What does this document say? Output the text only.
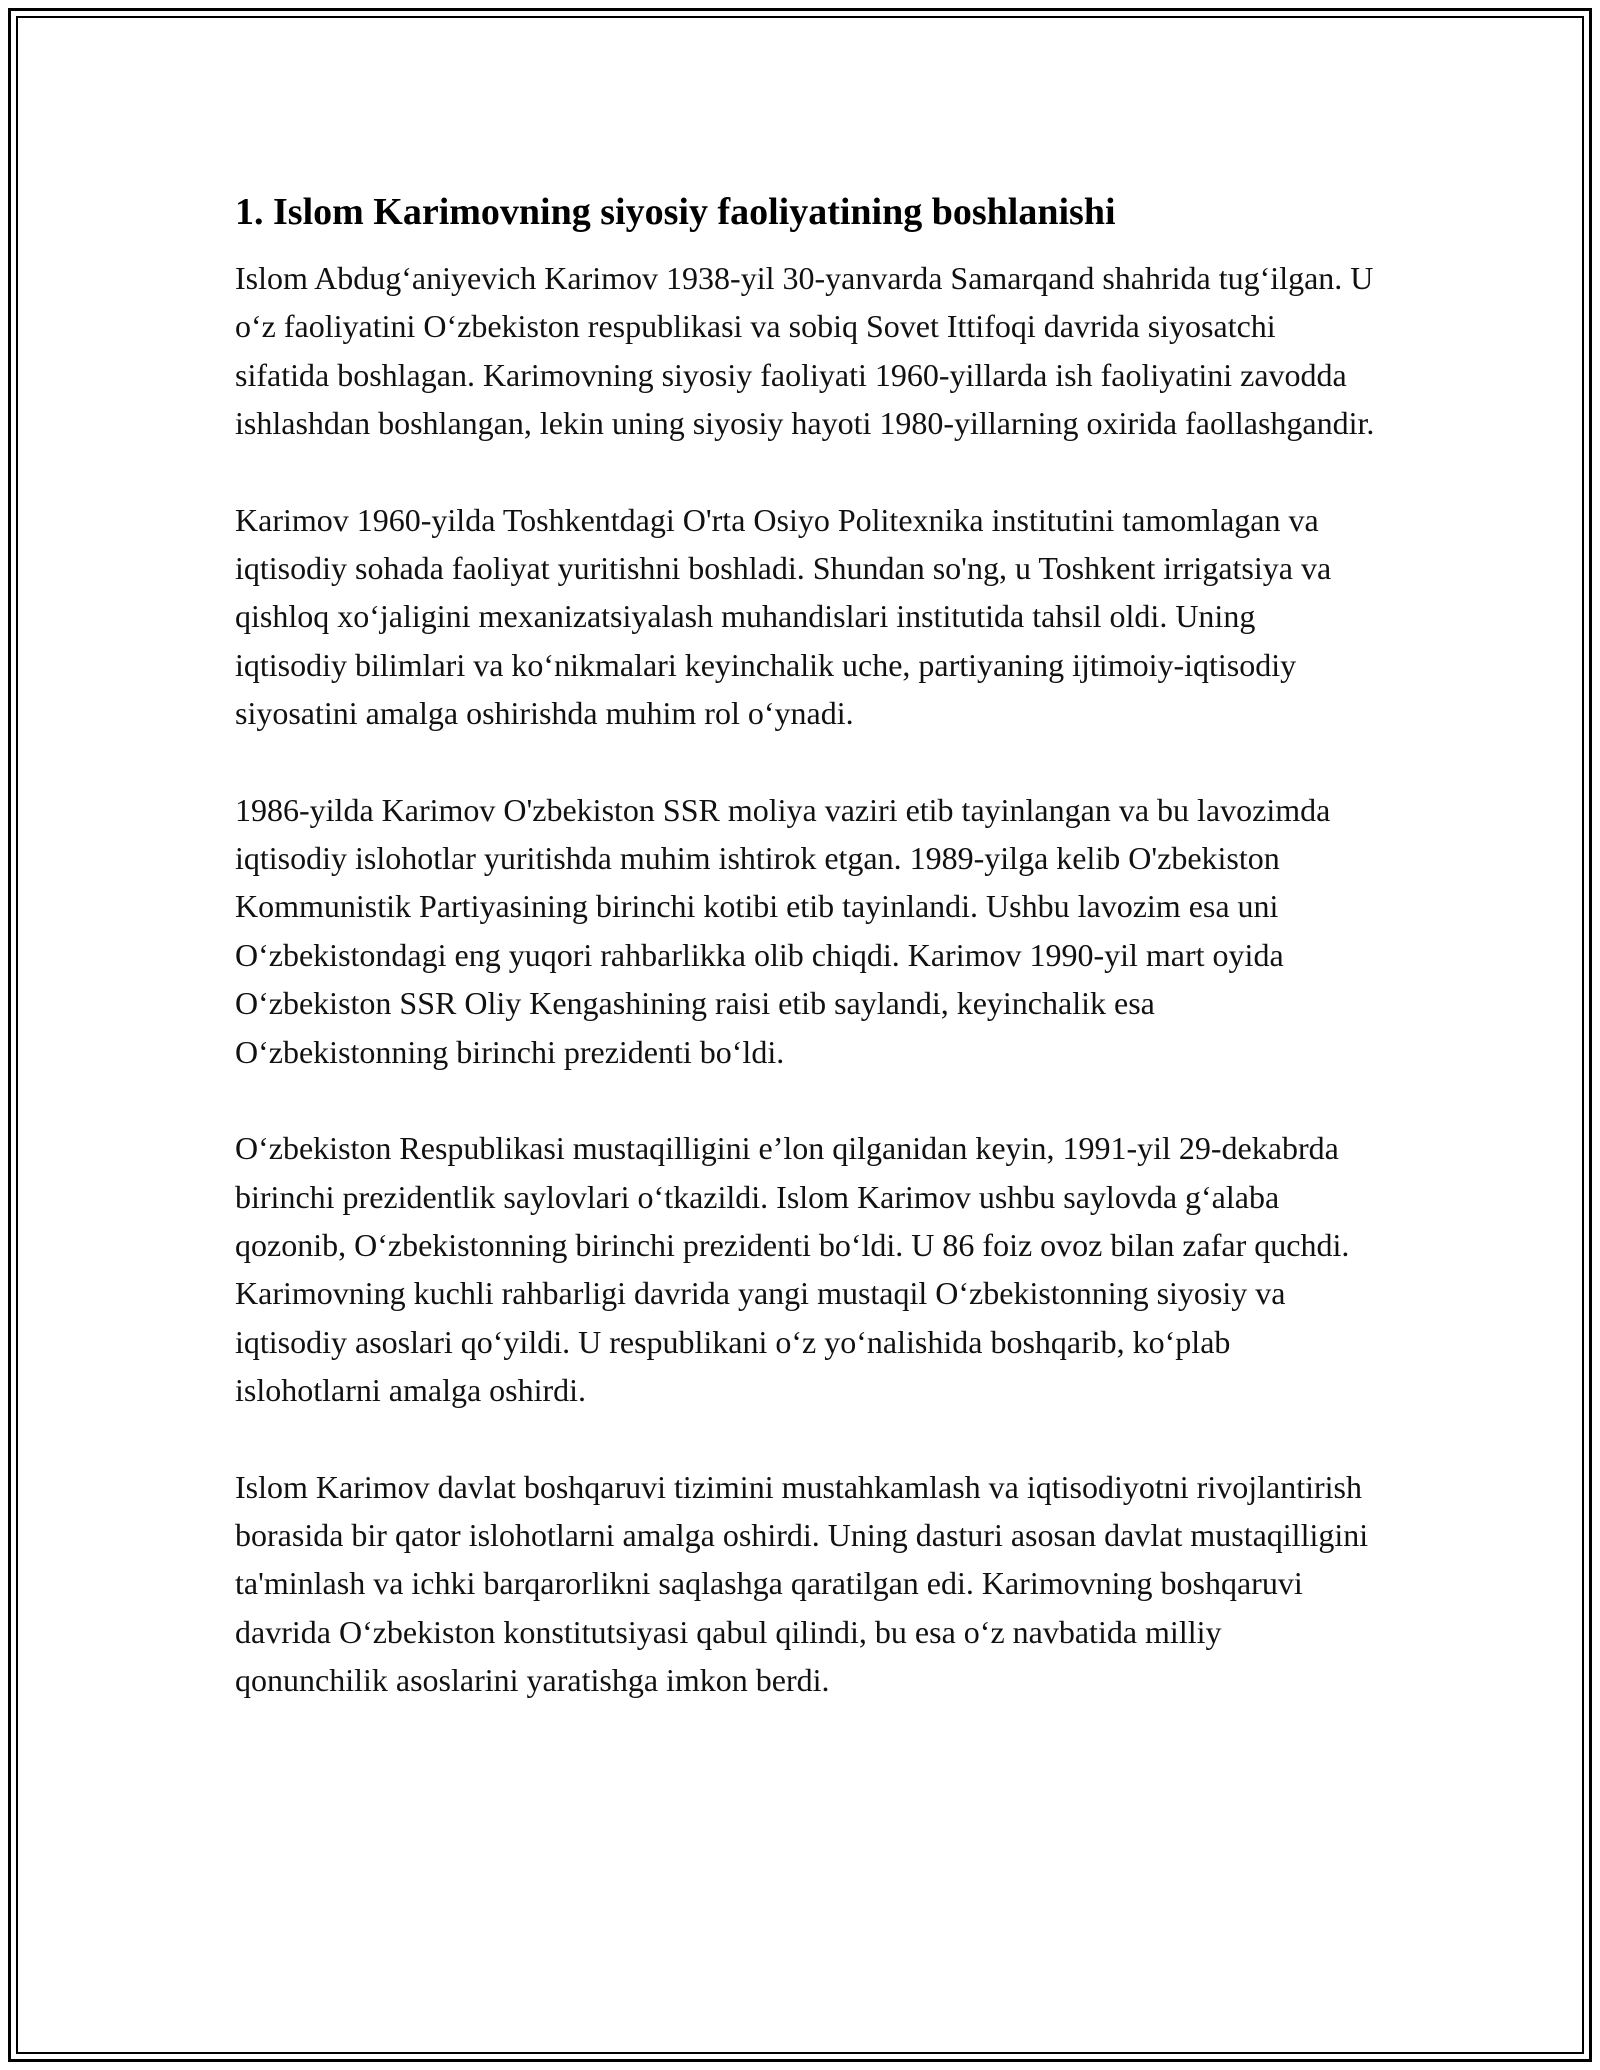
1. Islom Karimovning siyosiy faoliyatining boshlanishi

Islom Abdug‘aniyevich Karimov 1938-yil 30-yanvarda Samarqand shahrida tug‘ilgan. U o‘z faoliyatini O‘zbekiston respublikasi va sobiq Sovet Ittifoqi davrida siyosatchi sifatida boshlagan. Karimovning siyosiy faoliyati 1960-yillarda ish faoliyatini zavodda ishlashdan boshlangan, lekin uning siyosiy hayoti 1980-yillarning oxirida faollashgandir.

Karimov 1960-yilda Toshkentdagi O'rta Osiyo Politexnika institutini tamomlagan va iqtisodiy sohada faoliyat yuritishni boshladi. Shundan so'ng, u Toshkent irrigatsiya va qishloq xo‘jaligini mexanizatsiyalash muhandislari institutida tahsil oldi. Uning iqtisodiy bilimlari va ko‘nikmalari keyinchalik uche, partiyaning ijtimoiy-iqtisodiy siyosatini amalga oshirishda muhim rol o‘ynadi.

1986-yilda Karimov O'zbekiston SSR moliya vaziri etib tayinlangan va bu lavozimda iqtisodiy islohotlar yuritishda muhim ishtirok etgan. 1989-yilga kelib O'zbekiston Kommunistik Partiyasining birinchi kotibi etib tayinlandi. Ushbu lavozim esa uni O‘zbekistondagi eng yuqori rahbarlikka olib chiqdi. Karimov 1990-yil mart oyida O‘zbekiston SSR Oliy Kengashining raisi etib saylandi, keyinchalik esa O‘zbekistonning birinchi prezidenti bo‘ldi.

O‘zbekiston Respublikasi mustaqilligini e’lon qilganidan keyin, 1991-yil 29-dekabrda birinchi prezidentlik saylovlari o‘tkazildi. Islom Karimov ushbu saylovda g‘alaba qozonib, O‘zbekistonning birinchi prezidenti bo‘ldi. U 86 foiz ovoz bilan zafar quchdi. Karimovning kuchli rahbarligi davrida yangi mustaqil O‘zbekistonning siyosiy va iqtisodiy asoslari qo‘yildi. U respublikani o‘z yo‘nalishida boshqarib, ko‘plab islohotlarni amalga oshirdi.

Islom Karimov davlat boshqaruvi tizimini mustahkamlash va iqtisodiyotni rivojlantirish borasida bir qator islohotlarni amalga oshirdi. Uning dasturi asosan davlat mustaqilligini ta'minlash va ichki barqarorlikni saqlashga qaratilgan edi. Karimovning boshqaruvi davrida O‘zbekiston konstitutsiyasi qabul qilindi, bu esa o‘z navbatida milliy qonunchilik asoslarini yaratishga imkon berdi.
